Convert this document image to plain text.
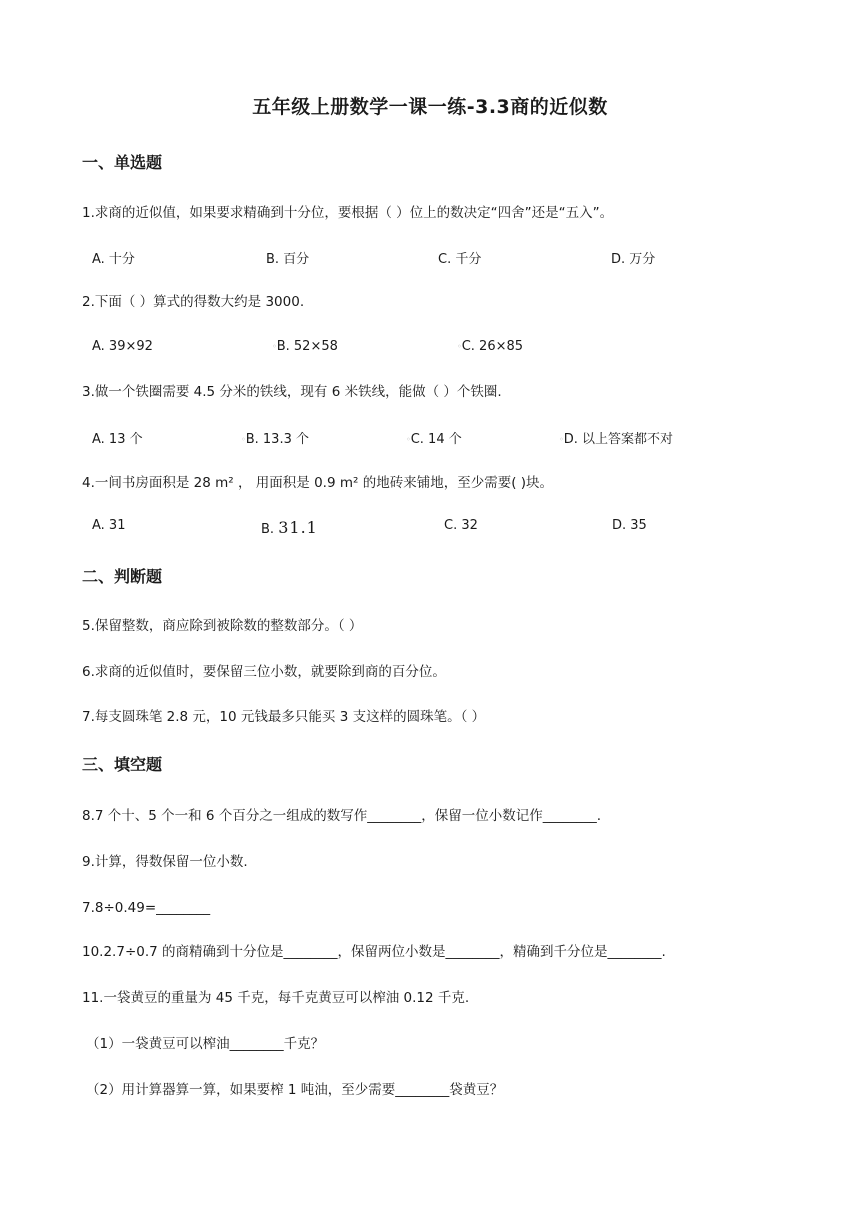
五年级上册数学一课一练-3.3商的近似数
一、单选题
1.求商的近似值，如果要求精确到十分位，要根据（ ）位上的数决定“四舍”还是“五入”。
A. 十分	B. 百分	C. 千分	D. 万分
2.下面（ ）算式的得数大约是 3000.
A. 39×92	◦B. 52×58	◦C. 26×85
3.做一个铁圈需要 4.5 分米的铁线，现有 6 米铁线，能做（ ）个铁圈.
A. 13 个	◦B. 13.3 个	◦C. 14 个	◦D. 以上答案都不对
4.一间书房面积是 28 m² ， 用面积是 0.9 m² 的地砖来铺地，至少需要( )块。
A. 31	B. 31.1	C. 32	D. 35
二、判断题
5.保留整数，商应除到被除数的整数部分。（ ）
6.求商的近似值时，要保留三位小数，就要除到商的百分位。
7.每支圆珠笔 2.8 元，10 元钱最多只能买 3 支这样的圆珠笔。（ ）
三、填空题
8.7 个十、5 个一和 6 个百分之一组成的数写作________，保留一位小数记作________.
9.计算，得数保留一位小数.
7.8÷0.49=________
10.2.7÷0.7 的商精确到十分位是________，保留两位小数是________，精确到千分位是________.
11.一袋黄豆的重量为 45 千克，每千克黄豆可以榨油 0.12 千克.
（1）一袋黄豆可以榨油________千克？
（2）用计算器算一算，如果要榨 1 吨油，至少需要________袋黄豆？
